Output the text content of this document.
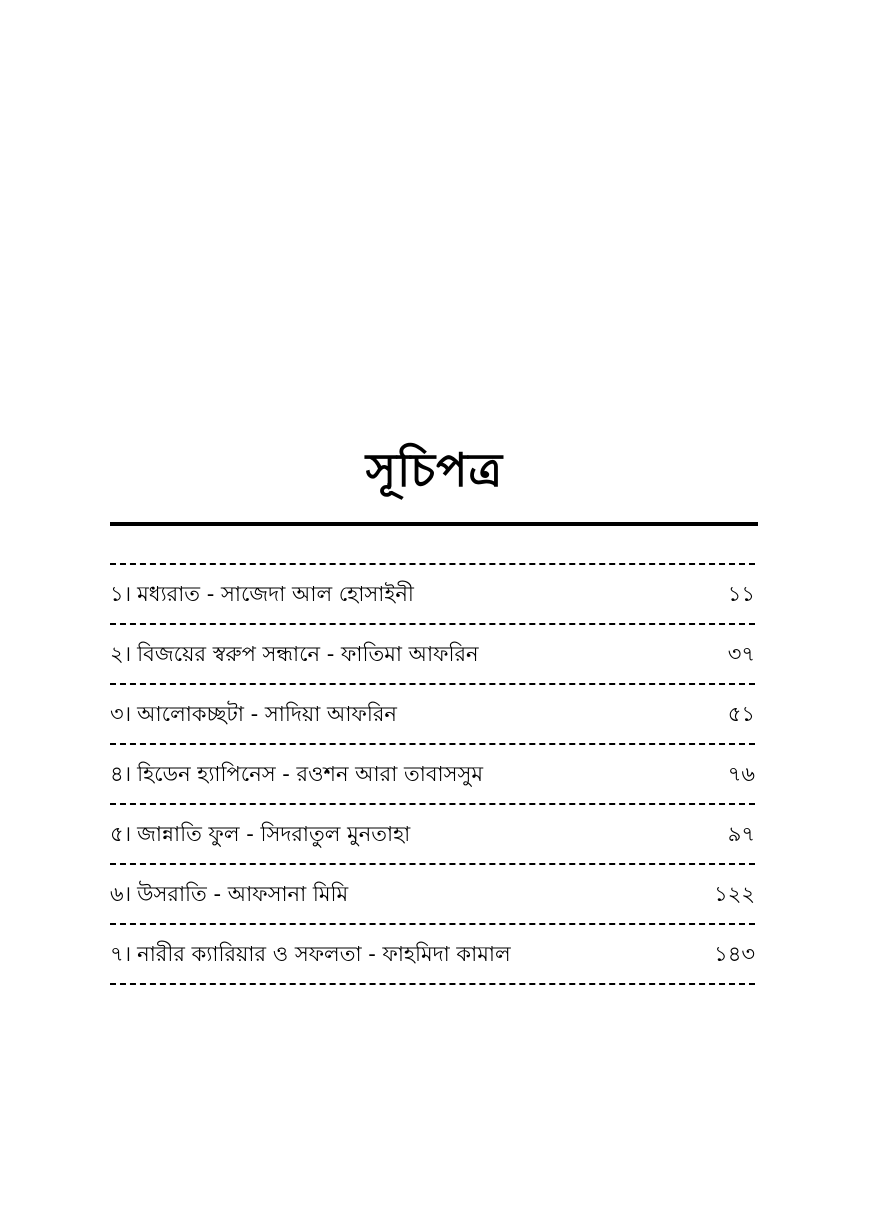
সূচিপত্র
১। মধ্যরাত - সাজেদা আল হোসাইনী	১১
২। বিজয়ের স্বরুপ সন্ধানে - ফাতিমা আফরিন	৩৭
৩। আলোকচ্ছটা - সাদিয়া আফরিন	৫১
৪। হিডেন হ্যাপিনেস - রওশন আরা তাবাসসুম	৭৬
৫। জান্নাতি ফুল - সিদরাতুল মুনতাহা	৯৭
৬। উসরাতি - আফসানা মিমি	১২২
৭। নারীর ক্যারিয়ার ও সফলতা - ফাহমিদা কামাল	১৪৩
